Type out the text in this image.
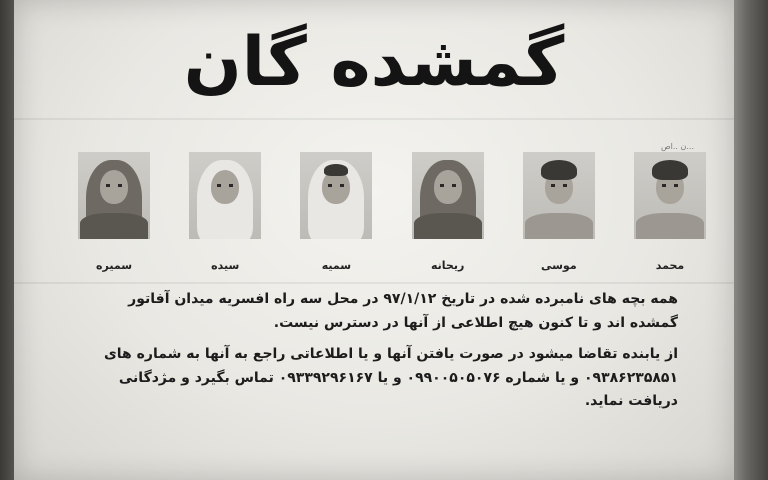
گمشده گان
...ن ..اص
محمد
موسی
ریحانه
سمیه
سیده
سمیره

همه بچه های نامبرده شده در تاریخ ۹۷/۱/۱۲ در محل سه راه افسریه میدان آفاتور

گمشده اند و تا کنون هیچ اطلاعی از آنها در دسترس نیست.

از یابنده تقاضا میشود در صورت یافتن آنها و یا اطلاعاتی راجع به آنها به شماره های

۰۹۳۸۶۲۳۵۸۵۱ و یا شماره ۰۹۹۰۰۵۰۵۰۷۶ و یا ۰۹۳۳۹۲۹۶۱۶۷ تماس بگیرد و مژدگانی

دریافت نماید.
